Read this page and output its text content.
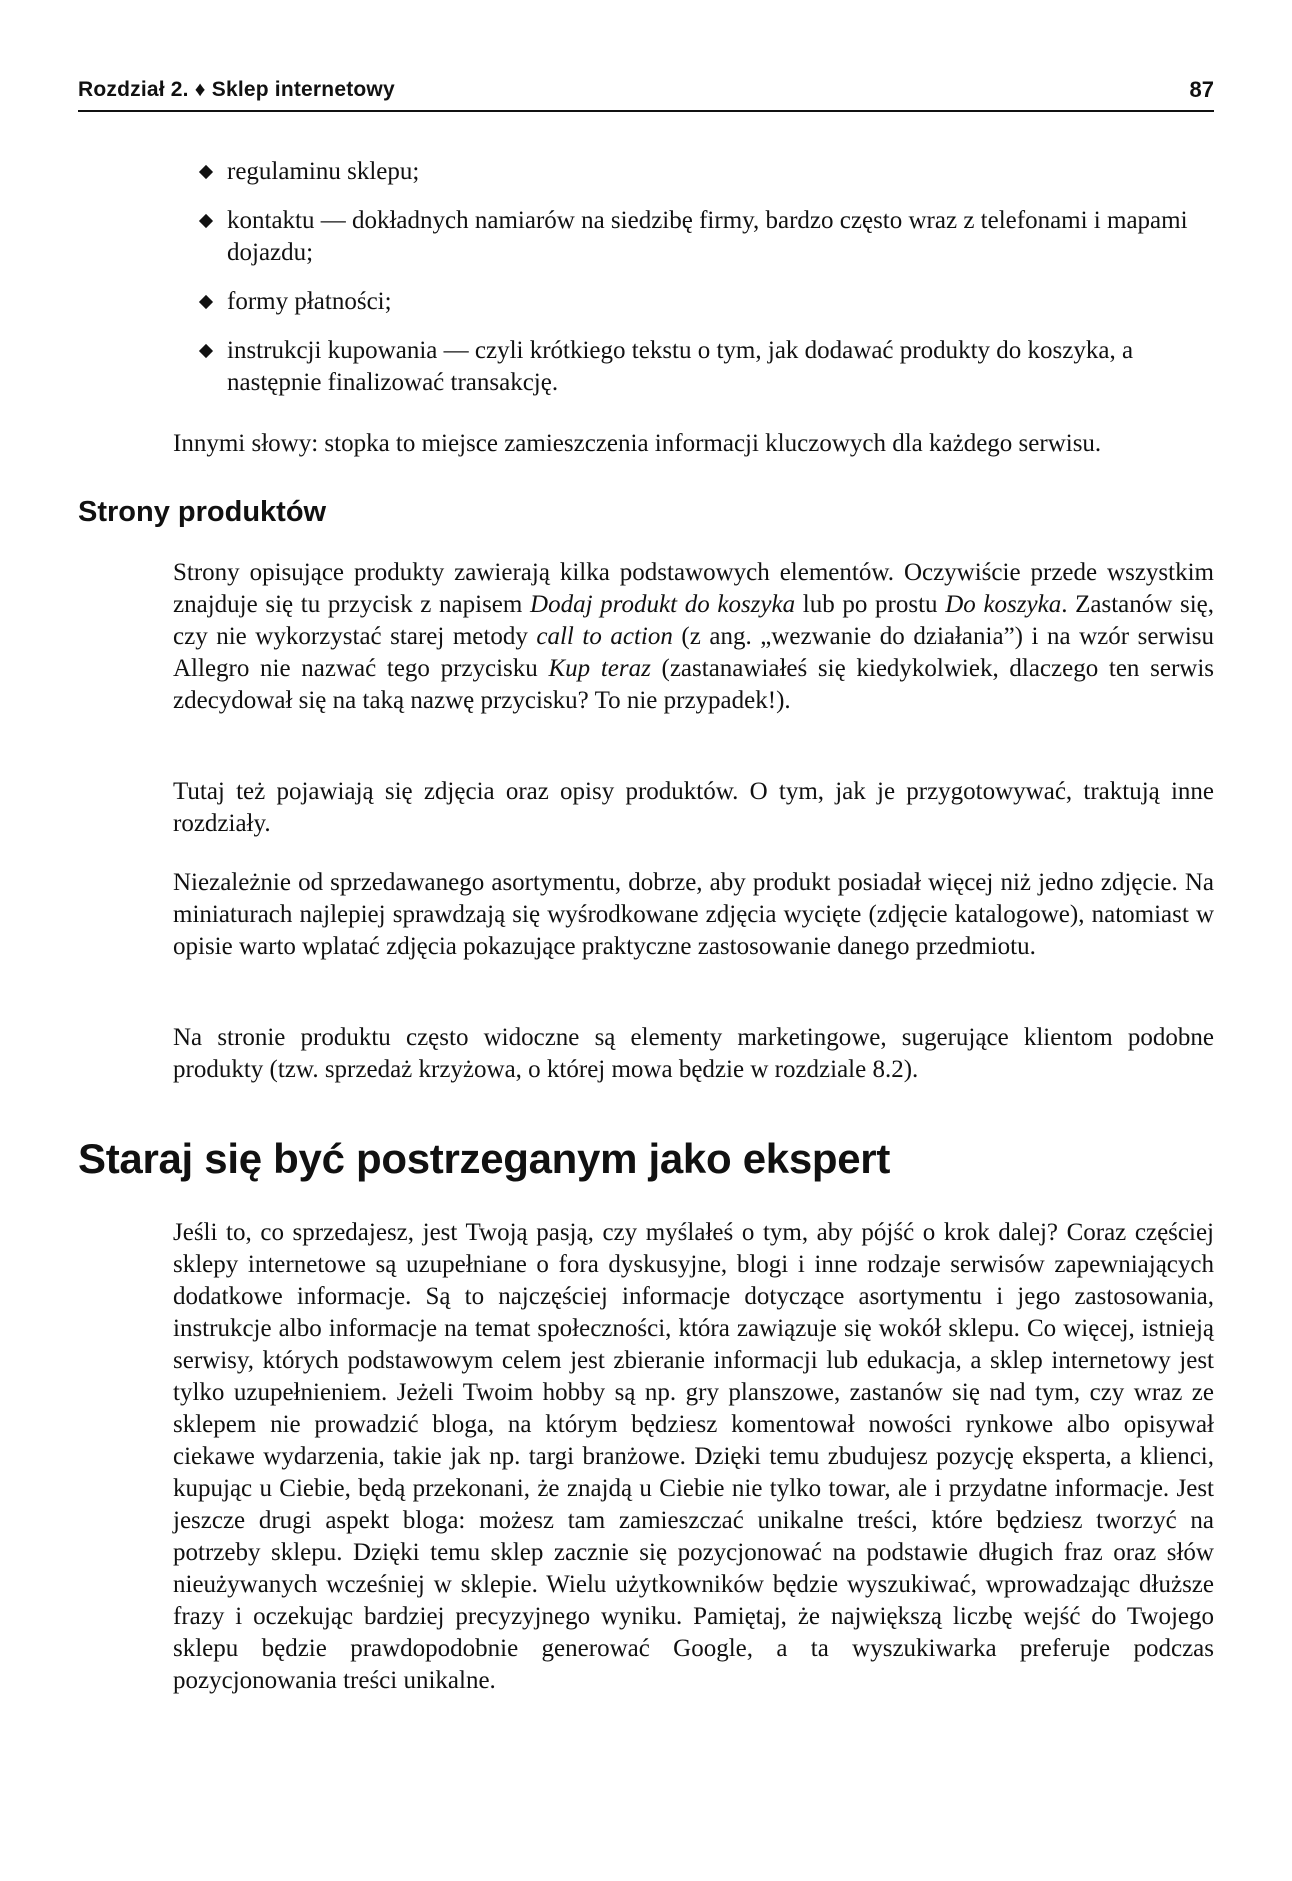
Rozdział 2. ♦ Sklep internetowy	87
regulaminu sklepu;
kontaktu — dokładnych namiarów na siedzibę firmy, bardzo często wraz z telefonami i mapami dojazdu;
formy płatności;
instrukcji kupowania — czyli krótkiego tekstu o tym, jak dodawać produkty do koszyka, a następnie finalizować transakcję.

Innymi słowy: stopka to miejsce zamieszczenia informacji kluczowych dla każdego serwisu.

Strony produktów

Strony opisujące produkty zawierają kilka podstawowych elementów. Oczywiście przede wszystkim znajduje się tu przycisk z napisem Dodaj produkt do koszyka lub po prostu Do koszyka. Zastanów się, czy nie wykorzystać starej metody call to action (z ang. „wezwanie do działania”) i na wzór serwisu Allegro nie nazwać tego przycisku Kup teraz (zastanawiałeś się kiedykolwiek, dlaczego ten serwis zdecydował się na taką nazwę przycisku? To nie przypadek!).

Tutaj też pojawiają się zdjęcia oraz opisy produktów. O tym, jak je przygotowywać, traktują inne rozdziały.

Niezależnie od sprzedawanego asortymentu, dobrze, aby produkt posiadał więcej niż jedno zdjęcie. Na miniaturach najlepiej sprawdzają się wyśrodkowane zdjęcia wycięte (zdjęcie katalogowe), natomiast w opisie warto wplatać zdjęcia pokazujące praktyczne zastosowanie danego przedmiotu.

Na stronie produktu często widoczne są elementy marketingowe, sugerujące klientom podobne produkty (tzw. sprzedaż krzyżowa, o której mowa będzie w rozdziale 8.2).

Staraj się być postrzeganym jako ekspert

Jeśli to, co sprzedajesz, jest Twoją pasją, czy myślałeś o tym, aby pójść o krok dalej? Coraz częściej sklepy internetowe są uzupełniane o fora dyskusyjne, blogi i inne rodzaje serwisów zapewniających dodatkowe informacje. Są to najczęściej informacje dotyczące asortymentu i jego zastosowania, instrukcje albo informacje na temat społeczności, która zawiązuje się wokół sklepu. Co więcej, istnieją serwisy, których podstawowym celem jest zbieranie informacji lub edukacja, a sklep internetowy jest tylko uzupełnieniem. Jeżeli Twoim hobby są np. gry planszowe, zastanów się nad tym, czy wraz ze sklepem nie prowadzić bloga, na którym będziesz komentował nowości rynkowe albo opisywał ciekawe wydarzenia, takie jak np. targi branżowe. Dzięki temu zbudujesz pozycję eksperta, a klienci, kupując u Ciebie, będą przekonani, że znajdą u Ciebie nie tylko towar, ale i przydatne informacje. Jest jeszcze drugi aspekt bloga: możesz tam zamieszczać unikalne treści, które będziesz tworzyć na potrzeby sklepu. Dzięki temu sklep zacznie się pozycjonować na podstawie długich fraz oraz słów nieużywanych wcześniej w sklepie. Wielu użytkowników będzie wyszukiwać, wprowadzając dłuższe frazy i oczekując bardziej precyzyjnego wyniku. Pamiętaj, że największą liczbę wejść do Twojego sklepu będzie prawdopodobnie generować Google, a ta wyszukiwarka preferuje podczas pozycjonowania treści unikalne.
